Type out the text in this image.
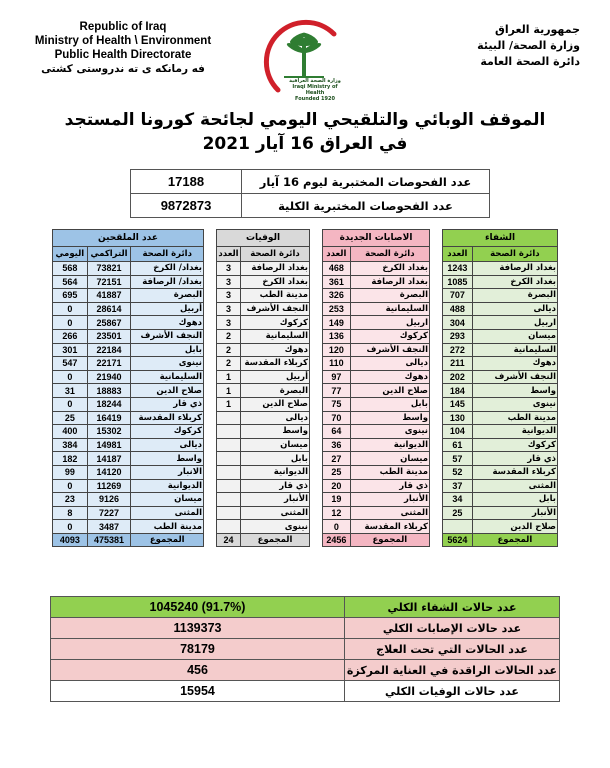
Republic of Iraq
Ministry of Health \ Environment
Public Health Directorate
فه رمانكه ى ته ندروستى كشتى
وزارة الصحة العراقية
Iraqi Ministry of Health
Founded 1920
جمهورية العراق
وزارة الصحة/ البيئة
دائرة الصحة العامة
الموقف الوبائي والتلقيحي اليومي لجائحة كورونا المستجد
في العراق 16 آيار 2021
عدد الفحوصات المختبرية ليوم 16 آيار	17188
عدد الفحوصات المختبرية الكلية	9872873
الشفاء	
دائرة الصحة	العدد
بغداد الرصافة	1243
بغداد الكرخ	1085
البصرة	707
ديالى	488
اربيل	304
ميسان	293
السليمانية	272
دهوك	211
النجف الأشرف	202
واسط	184
نينوى	145
مدينة الطب	130
الديوانية	104
كركوك	61
ذي قار	57
كربلاء المقدسة	52
المثنى	37
بابل	34
الأنبار	25
صلاح الدين	
المجموع	5624
الاصابات الجديدة	
دائرة الصحة	العدد
بغداد الكرخ	468
بغداد الرصافة	361
البصرة	326
السليمانية	253
اربيل	149
كركوك	136
النجف الأشرف	120
ديالى	110
دهوك	97
صلاح الدين	77
بابل	75
واسط	70
نينوى	64
الديوانية	36
ميسان	27
مدينة الطب	25
ذي قار	20
الأنبار	19
المثنى	12
كربلاء المقدسة	0
المجموع	2456
الوفيات	
دائرة الصحة	العدد
بغداد الرصافة	3
بغداد الكرخ	3
مدينة الطب	3
النجف الأشرف	3
كركوك	3
السليمانية	2
دهوك	2
كربلاء المقدسة	2
أربيل	1
البصرة	1
صلاح الدين	1
ديالى	
واسط	
ميسان	
بابل	
الديوانية	
ذي قار	
الأنبار	
المثنى	
نينوى	
المجموع	24
عدد الملقحين		
دائرة الصحة	التراكمي	اليومي
بغداد/ الكرخ	73821	568
بغداد/ الرصافة	72151	564
البصرة	41887	695
أربيل	28614	0
دهوك	25867	0
النجف الأشرف	23501	266
بابل	22184	301
نينوى	22171	547
السليمانية	21940	0
صلاح الدين	18883	31
ذي قار	18244	0
كربلاء المقدسة	16419	25
كركوك	15302	400
ديالى	14981	384
واسط	14187	182
الانبار	14120	99
الديوانية	11269	0
ميسان	9126	23
المثنى	7227	8
مدينة الطب	3487	0
المجموع	475381	4093
عدد حالات الشفاء الكلي	(91.7%) 1045240
عدد حالات الإصابات الكلي	1139373
عدد الحالات التي تحت العلاج	78179
عدد الحالات الراقدة في العناية المركزة	456
عدد حالات الوفيات الكلي	15954
